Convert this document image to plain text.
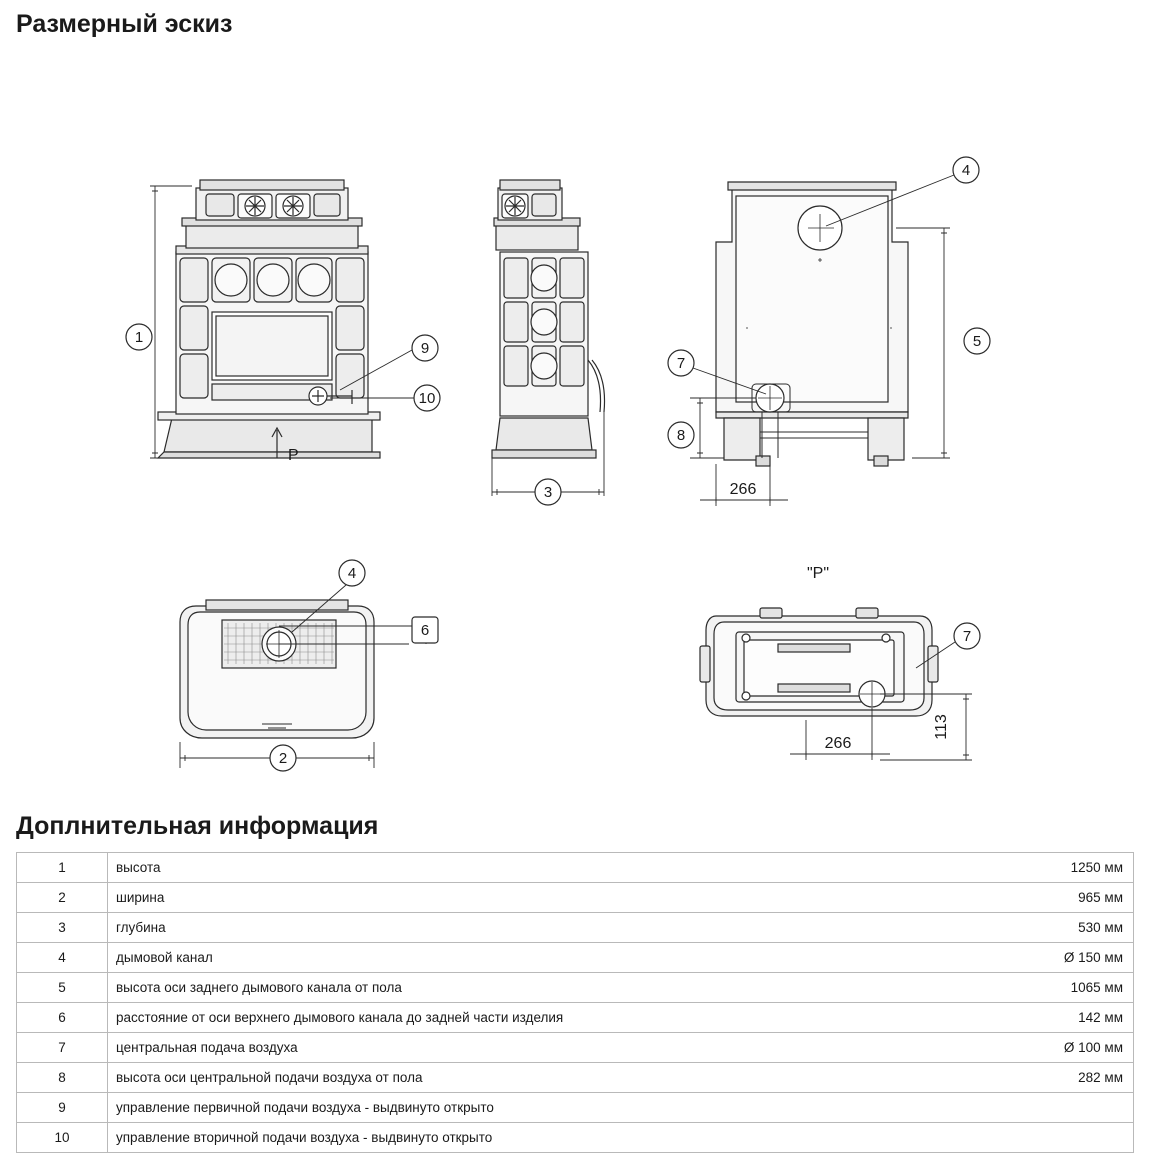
Размерный эскиз
1
9
10
P
3	266
4
5
7
8
2
4
6
"P"
266
113
7
Доплнительная информация
1	высота	1250 мм
2	ширина	965 мм
3	глубина	530 мм
4	дымовой канал	Ø 150 мм
5	высота оси заднего дымового канала от пола	1065 мм
6	расстояние от оси верхнего дымового канала до задней части изделия	142 мм
7	центральная подача воздуха	Ø 100 мм
8	высота оси центральной подачи воздуха от пола	282 мм
9	управление первичной подачи воздуха - выдвинуто открыто	
10	управление вторичной подачи воздуха - выдвинуто открыто	
